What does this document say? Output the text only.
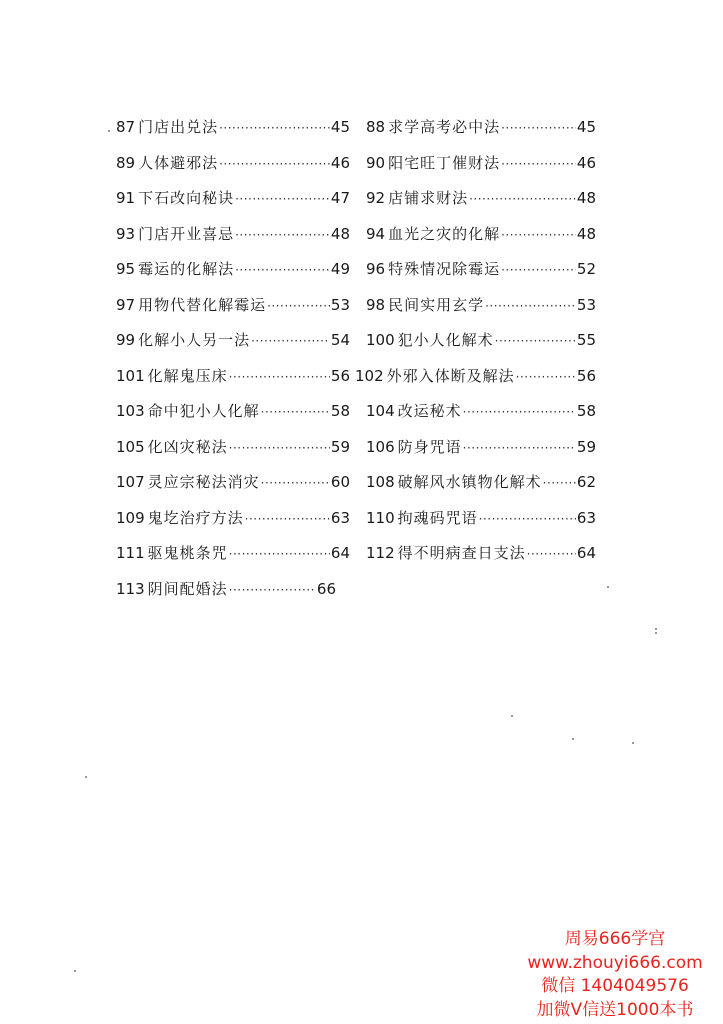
87 门店出兑法 ·····	45 88 求学高考必中法 ·····	45
89 人体避邪法 ·····	46 90 阳宅旺丁催财法 ·····	46
91 下石改向秘诀 ·····	47 92 店铺求财法 ·····	48
93 门店开业喜忌 ·····	48 94 血光之灾的化解 ·····	48
95 霉运的化解法 ·····	49 96 特殊情况除霉运 ·····	52
97 用物代替化解霉运 ·····	53 98 民间实用玄学 ·····	53
99 化解小人另一法 ·····	54 100 犯小人化解术 ·····	55
101 化解鬼压床 ·····	56 102 外邪入体断及解法 ·····	56
103 命中犯小人化解 ·····	58 104 改运秘术 ·····	58
105 化凶灾秘法 ·····	59 106 防身咒语 ·····	59
107 灵应宗秘法消灾 ·····	60 108 破解风水镇物化解术 ····· 62
109 鬼圪治疗方法 ·····	63 110 拘魂码咒语 ·····	63
111 驱鬼桃条咒 ·····	64 112 得不明病查日支法 ·····	64
113 阴间配婚法 ·····	66
周易666学宫
www.zhouyi666.com
微信 1404049576
加微V信送1000本书
